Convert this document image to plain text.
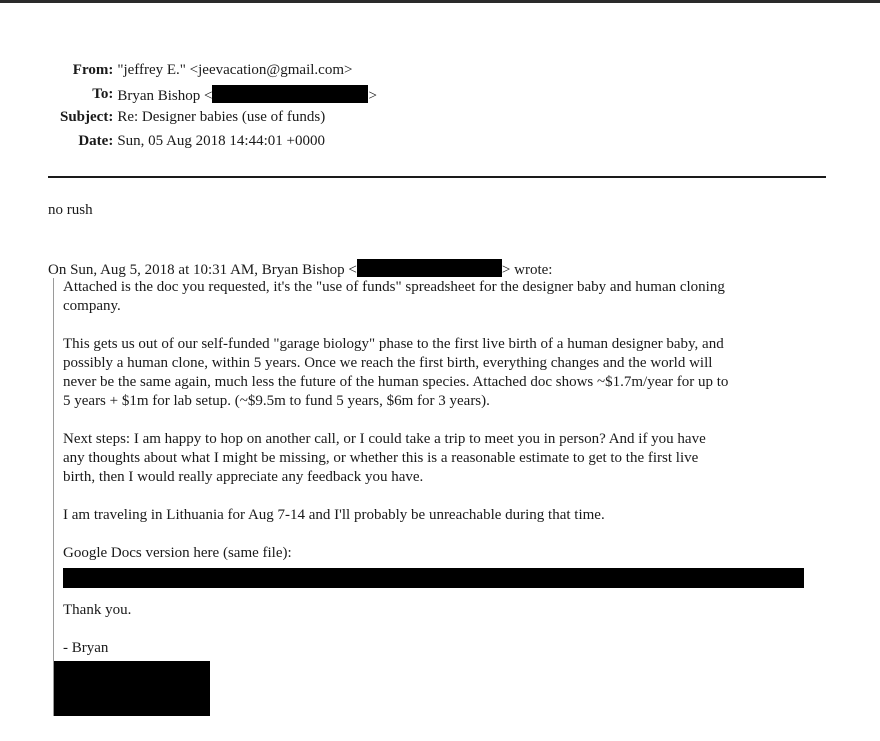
From:	"jeffrey E." <jeevacation@gmail.com>
To:	Bryan Bishop < >
Subject:	Re: Designer babies (use of funds)
Date:	Sun, 05 Aug 2018 14:44:01 +0000
no rush
On Sun, Aug 5, 2018 at 10:31 AM, Bryan Bishop <	> wrote:

Attached is the doc you requested, it's the "use of funds" spreadsheet for the designer baby and human cloning

company.

This gets us out of our self-funded "garage biology" phase to the first live birth of a human designer baby, and

possibly a human clone, within 5 years. Once we reach the first birth, everything changes and the world will

never be the same again, much less the future of the human species. Attached doc shows ~$1.7m/year for up to

5 years + $1m for lab setup. (~$9.5m to fund 5 years, $6m for 3 years).

Next steps: I am happy to hop on another call, or I could take a trip to meet you in person? And if you have

any thoughts about what I might be missing, or whether this is a reasonable estimate to get to the first live

birth, then I would really appreciate any feedback you have.

I am traveling in Lithuania for Aug 7-14 and I'll probably be unreachable during that time.

Google Docs version here (same file):

Thank you.

- Bryan
